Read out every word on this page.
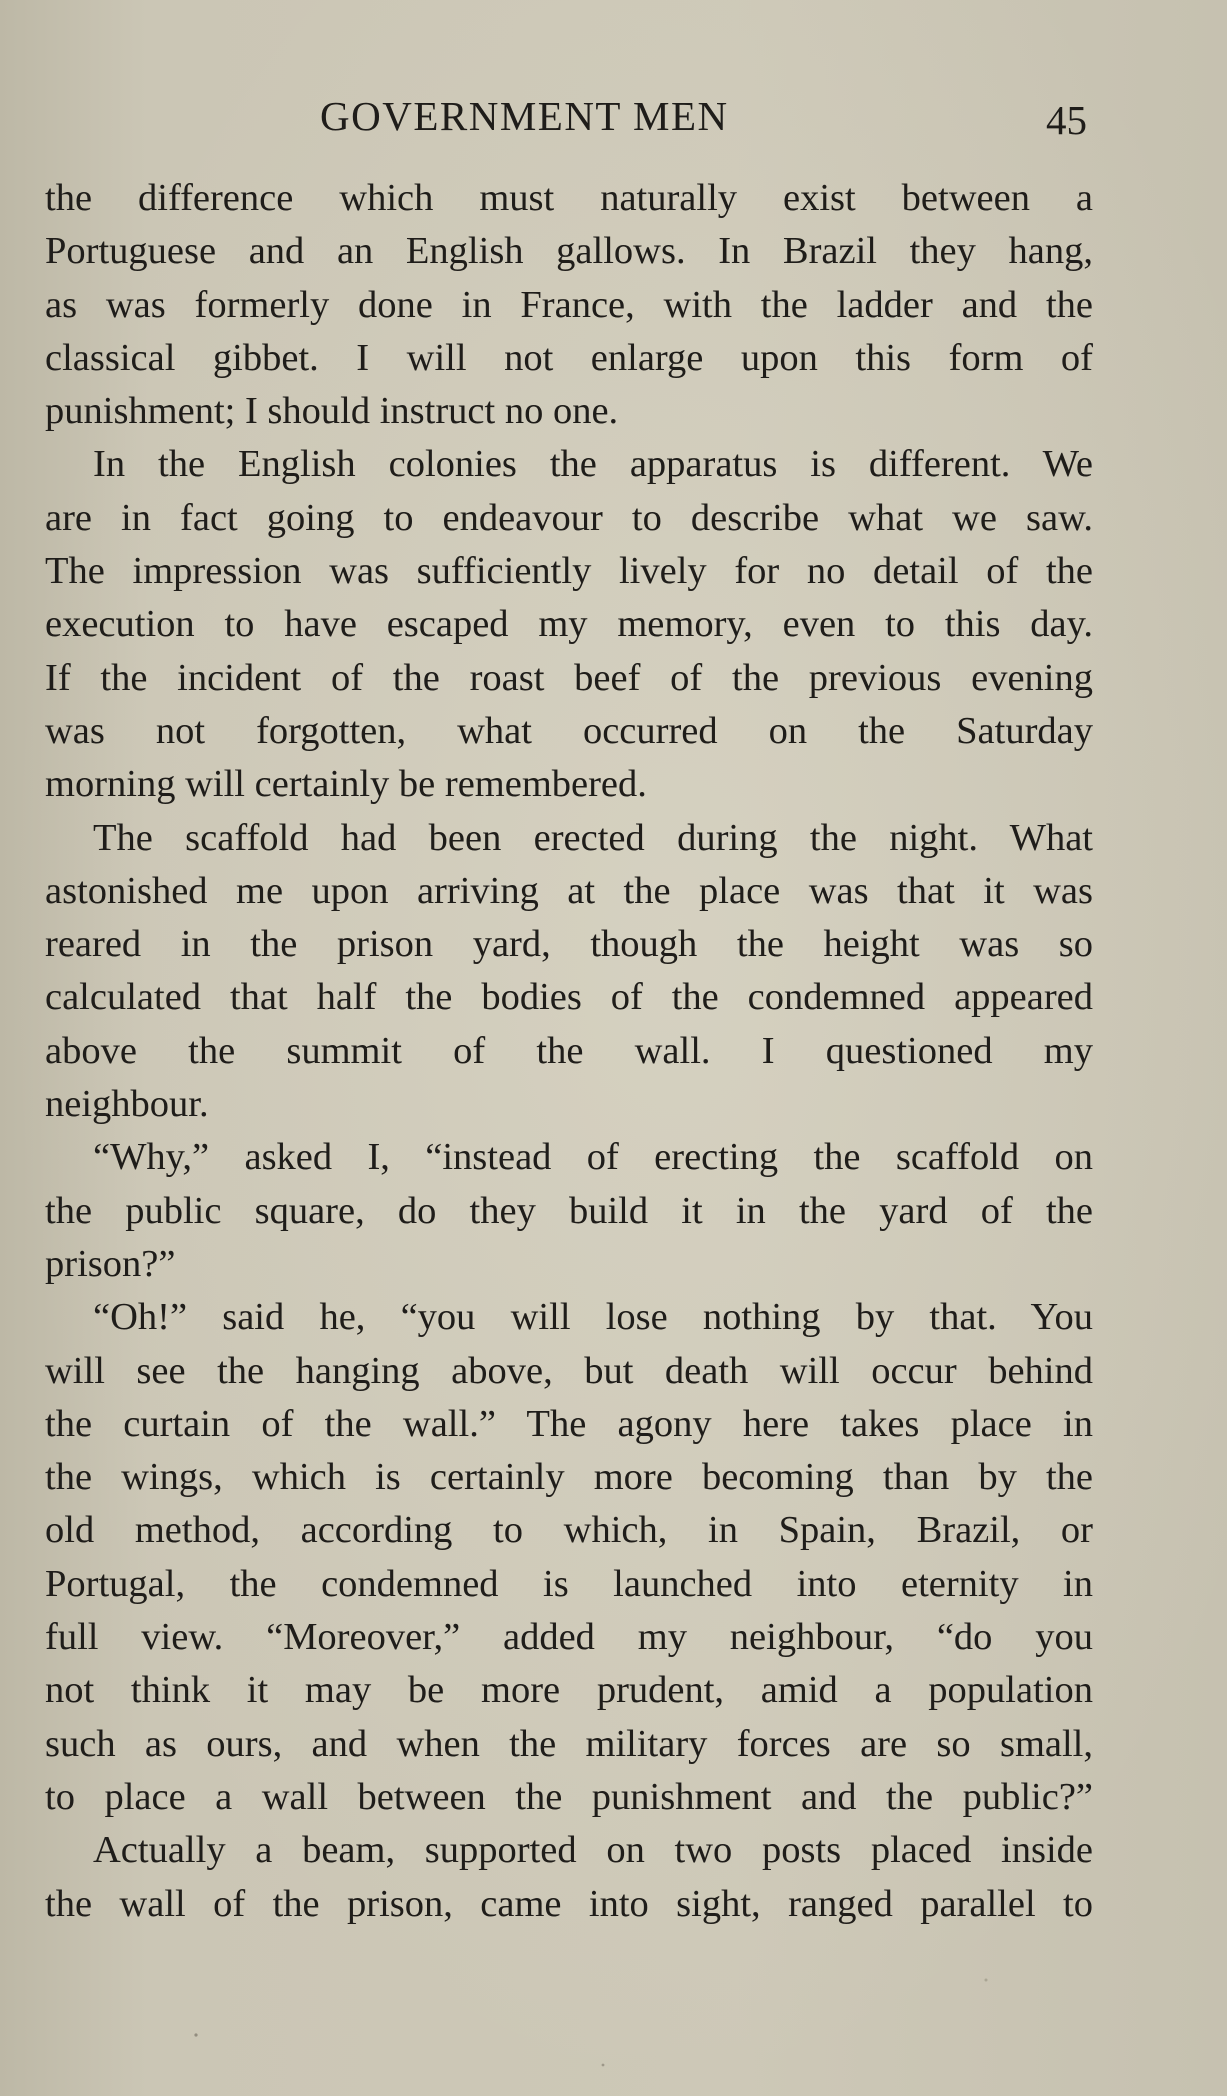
GOVERNMENT MEN	45
the difference which must naturally exist between a
Portuguese and an English gallows. In Brazil they hang,
as was formerly done in France, with the ladder and the
classical gibbet. I will not enlarge upon this form of
punishment; I should instruct no one.
In the English colonies the apparatus is different. We
are in fact going to endeavour to describe what we saw.
The impression was sufficiently lively for no detail of the
execution to have escaped my memory, even to this day.
If the incident of the roast beef of the previous evening
was not forgotten, what occurred on the Saturday
morning will certainly be remembered.
The scaffold had been erected during the night. What
astonished me upon arriving at the place was that it was
reared in the prison yard, though the height was so
calculated that half the bodies of the condemned appeared
above the summit of the wall. I questioned my
neighbour.
“Why,” asked I, “instead of erecting the scaffold on
the public square, do they build it in the yard of the
prison?”
“Oh!” said he, “you will lose nothing by that. You
will see the hanging above, but death will occur behind
the curtain of the wall.” The agony here takes place in
the wings, which is certainly more becoming than by the
old method, according to which, in Spain, Brazil, or
Portugal, the condemned is launched into eternity in
full view. “Moreover,” added my neighbour, “do you
not think it may be more prudent, amid a population
such as ours, and when the military forces are so small,
to place a wall between the punishment and the public?”
Actually a beam, supported on two posts placed inside
the wall of the prison, came into sight, ranged parallel to
